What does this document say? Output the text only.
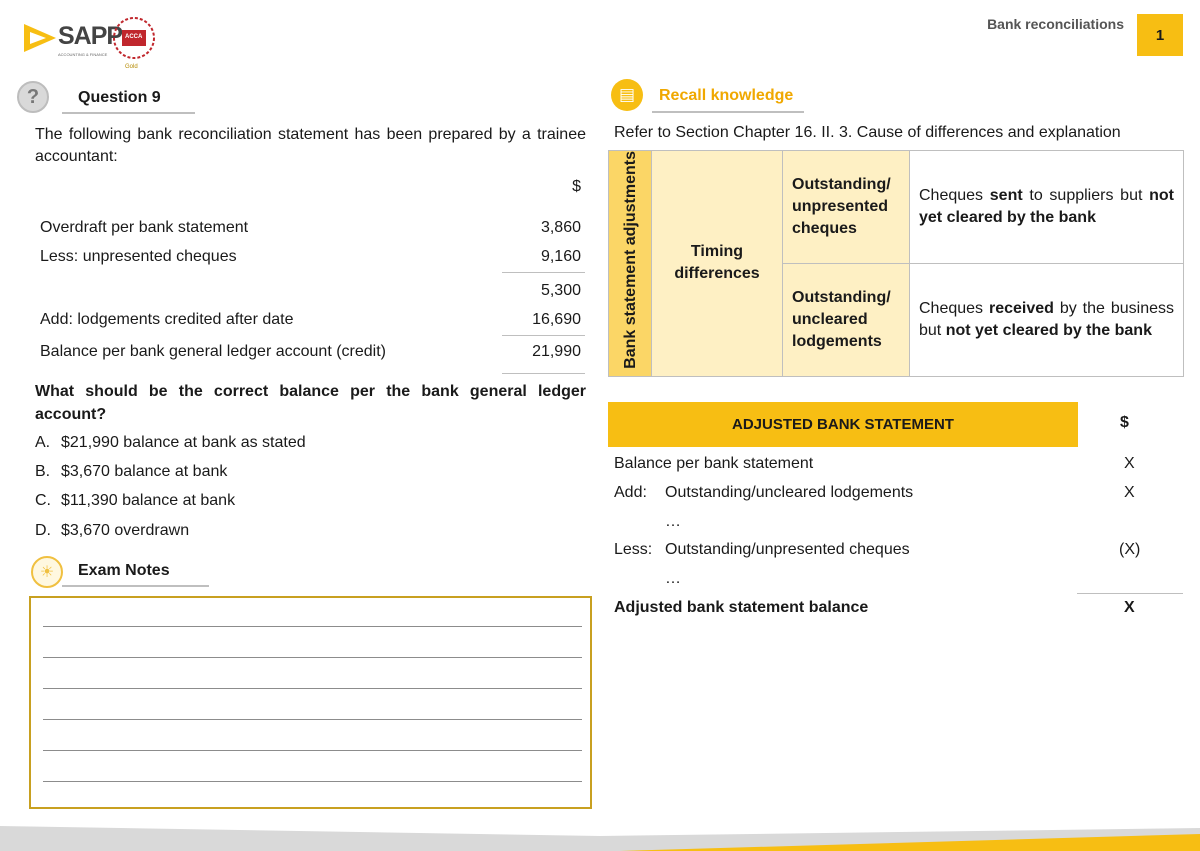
SAPP
ACCOUNTING & FINANCE
ACCA
Gold
Bank reconciliations
1
?	Question 9
The following bank reconciliation statement has been prepared by a trainee accountant:
$
Overdraft per bank statement	3,860
Less: unpresented cheques	9,160
5,300
Add: lodgements credited after date	16,690
Balance per bank general ledger account (credit)	21,990
What should be the correct balance per the bank general ledger account?
A. $21,990 balance at bank as stated
B. $3,670 balance at bank
C. $11,390 balance at bank
D. $3,670 overdrawn
☀	Exam Notes
▤	Recall knowledge
Refer to Section Chapter 16. II. 3. Cause of differences and explanation
Bank statement adjustments	Timing differences	Outstanding/ unpresented cheques	Cheques sent to suppliers but not yet cleared by the bank
		Outstanding/ uncleared lodgements	Cheques received by the business but not yet cleared by the bank
ADJUSTED BANK STATEMENT	$
Balance per bank statement	X
Add: Outstanding/uncleared lodgements	X
…
Less: Outstanding/unpresented cheques	(X)
…
Adjusted bank statement balance	X
